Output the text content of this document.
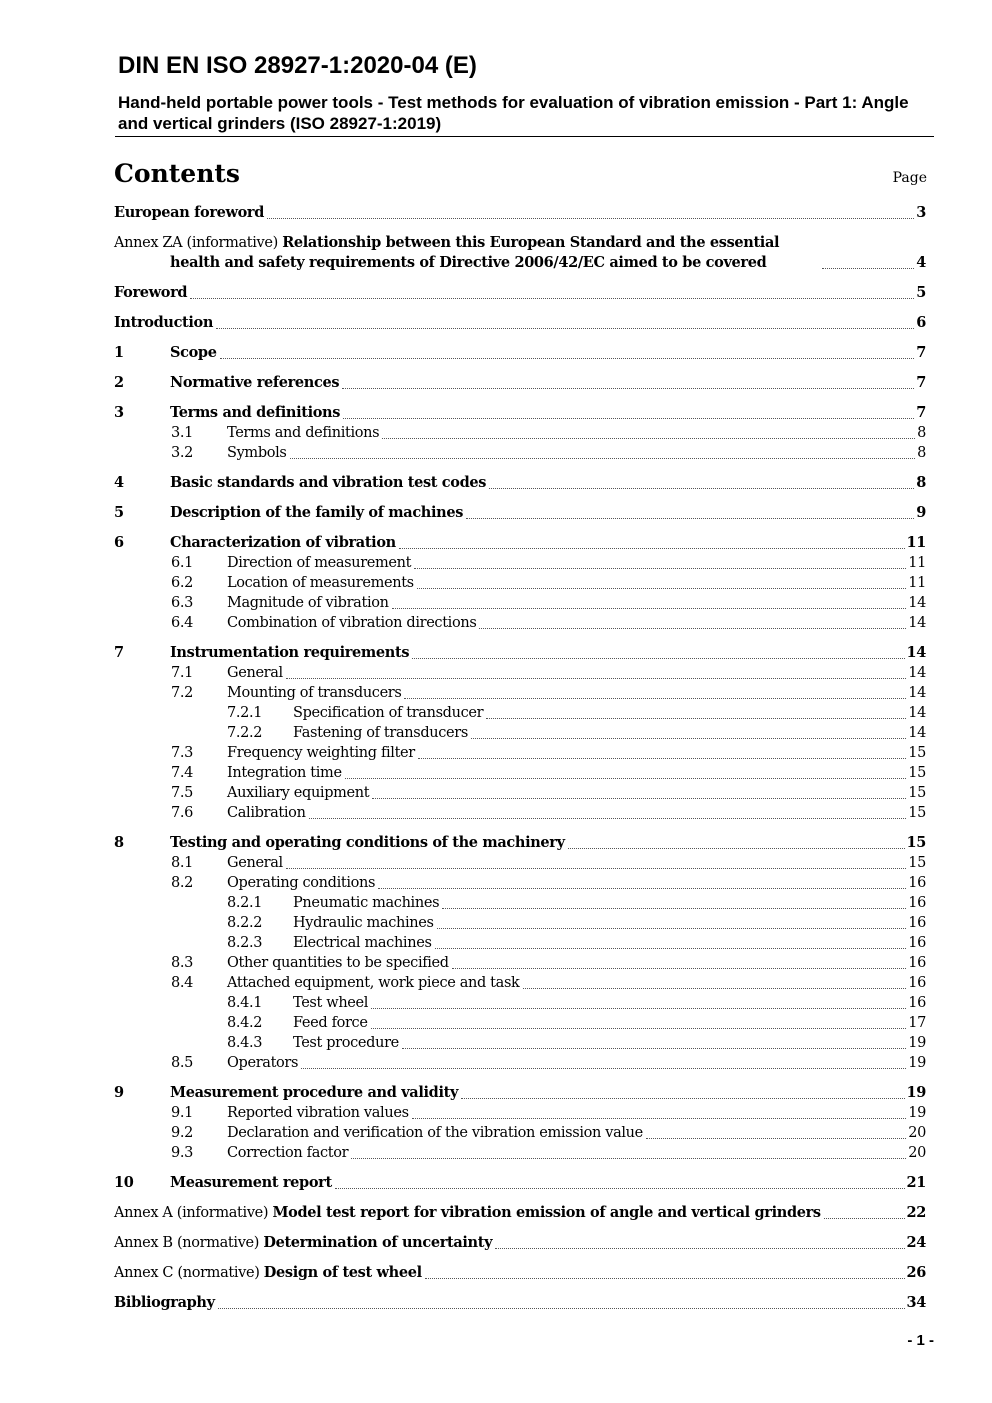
DIN EN ISO 28927-1:2020-04 (E)
Hand-held portable power tools - Test methods for evaluation of vibration emission - Part 1: Angle and vertical grinders (ISO 28927-1:2019)
Contents	Page
European foreword	3
Annex ZA (informative) Relationship between this European Standard and the essential
health and safety requirements of Directive 2006/42/EC aimed to be covered	4
Foreword	5
Introduction	6
1	Scope	7
2	Normative references	7
3	Terms and definitions	7
3.1	Terms and definitions	8
3.2	Symbols	8
4	Basic standards and vibration test codes	8
5	Description of the family of machines	9
6	Characterization of vibration	11
6.1	Direction of measurement	11
6.2	Location of measurements	11
6.3	Magnitude of vibration	14
6.4	Combination of vibration directions	14
7	Instrumentation requirements	14
7.1	General	14
7.2	Mounting of transducers	14
7.2.1	Specification of transducer	14
7.2.2	Fastening of transducers	14
7.3	Frequency weighting filter	15
7.4	Integration time	15
7.5	Auxiliary equipment	15
7.6	Calibration	15
8	Testing and operating conditions of the machinery	15
8.1	General	15
8.2	Operating conditions	16
8.2.1	Pneumatic machines	16
8.2.2	Hydraulic machines	16
8.2.3	Electrical machines	16
8.3	Other quantities to be specified	16
8.4	Attached equipment, work piece and task	16
8.4.1	Test wheel	16
8.4.2	Feed force	17
8.4.3	Test procedure	19
8.5	Operators	19
9	Measurement procedure and validity	19
9.1	Reported vibration values	19
9.2	Declaration and verification of the vibration emission value	20
9.3	Correction factor	20
10	Measurement report	21
Annex A (informative) Model test report for vibration emission of angle and vertical grinders	22
Annex B (normative) Determination of uncertainty	24
Annex C (normative) Design of test wheel	26
Bibliography	34
- 1 -
